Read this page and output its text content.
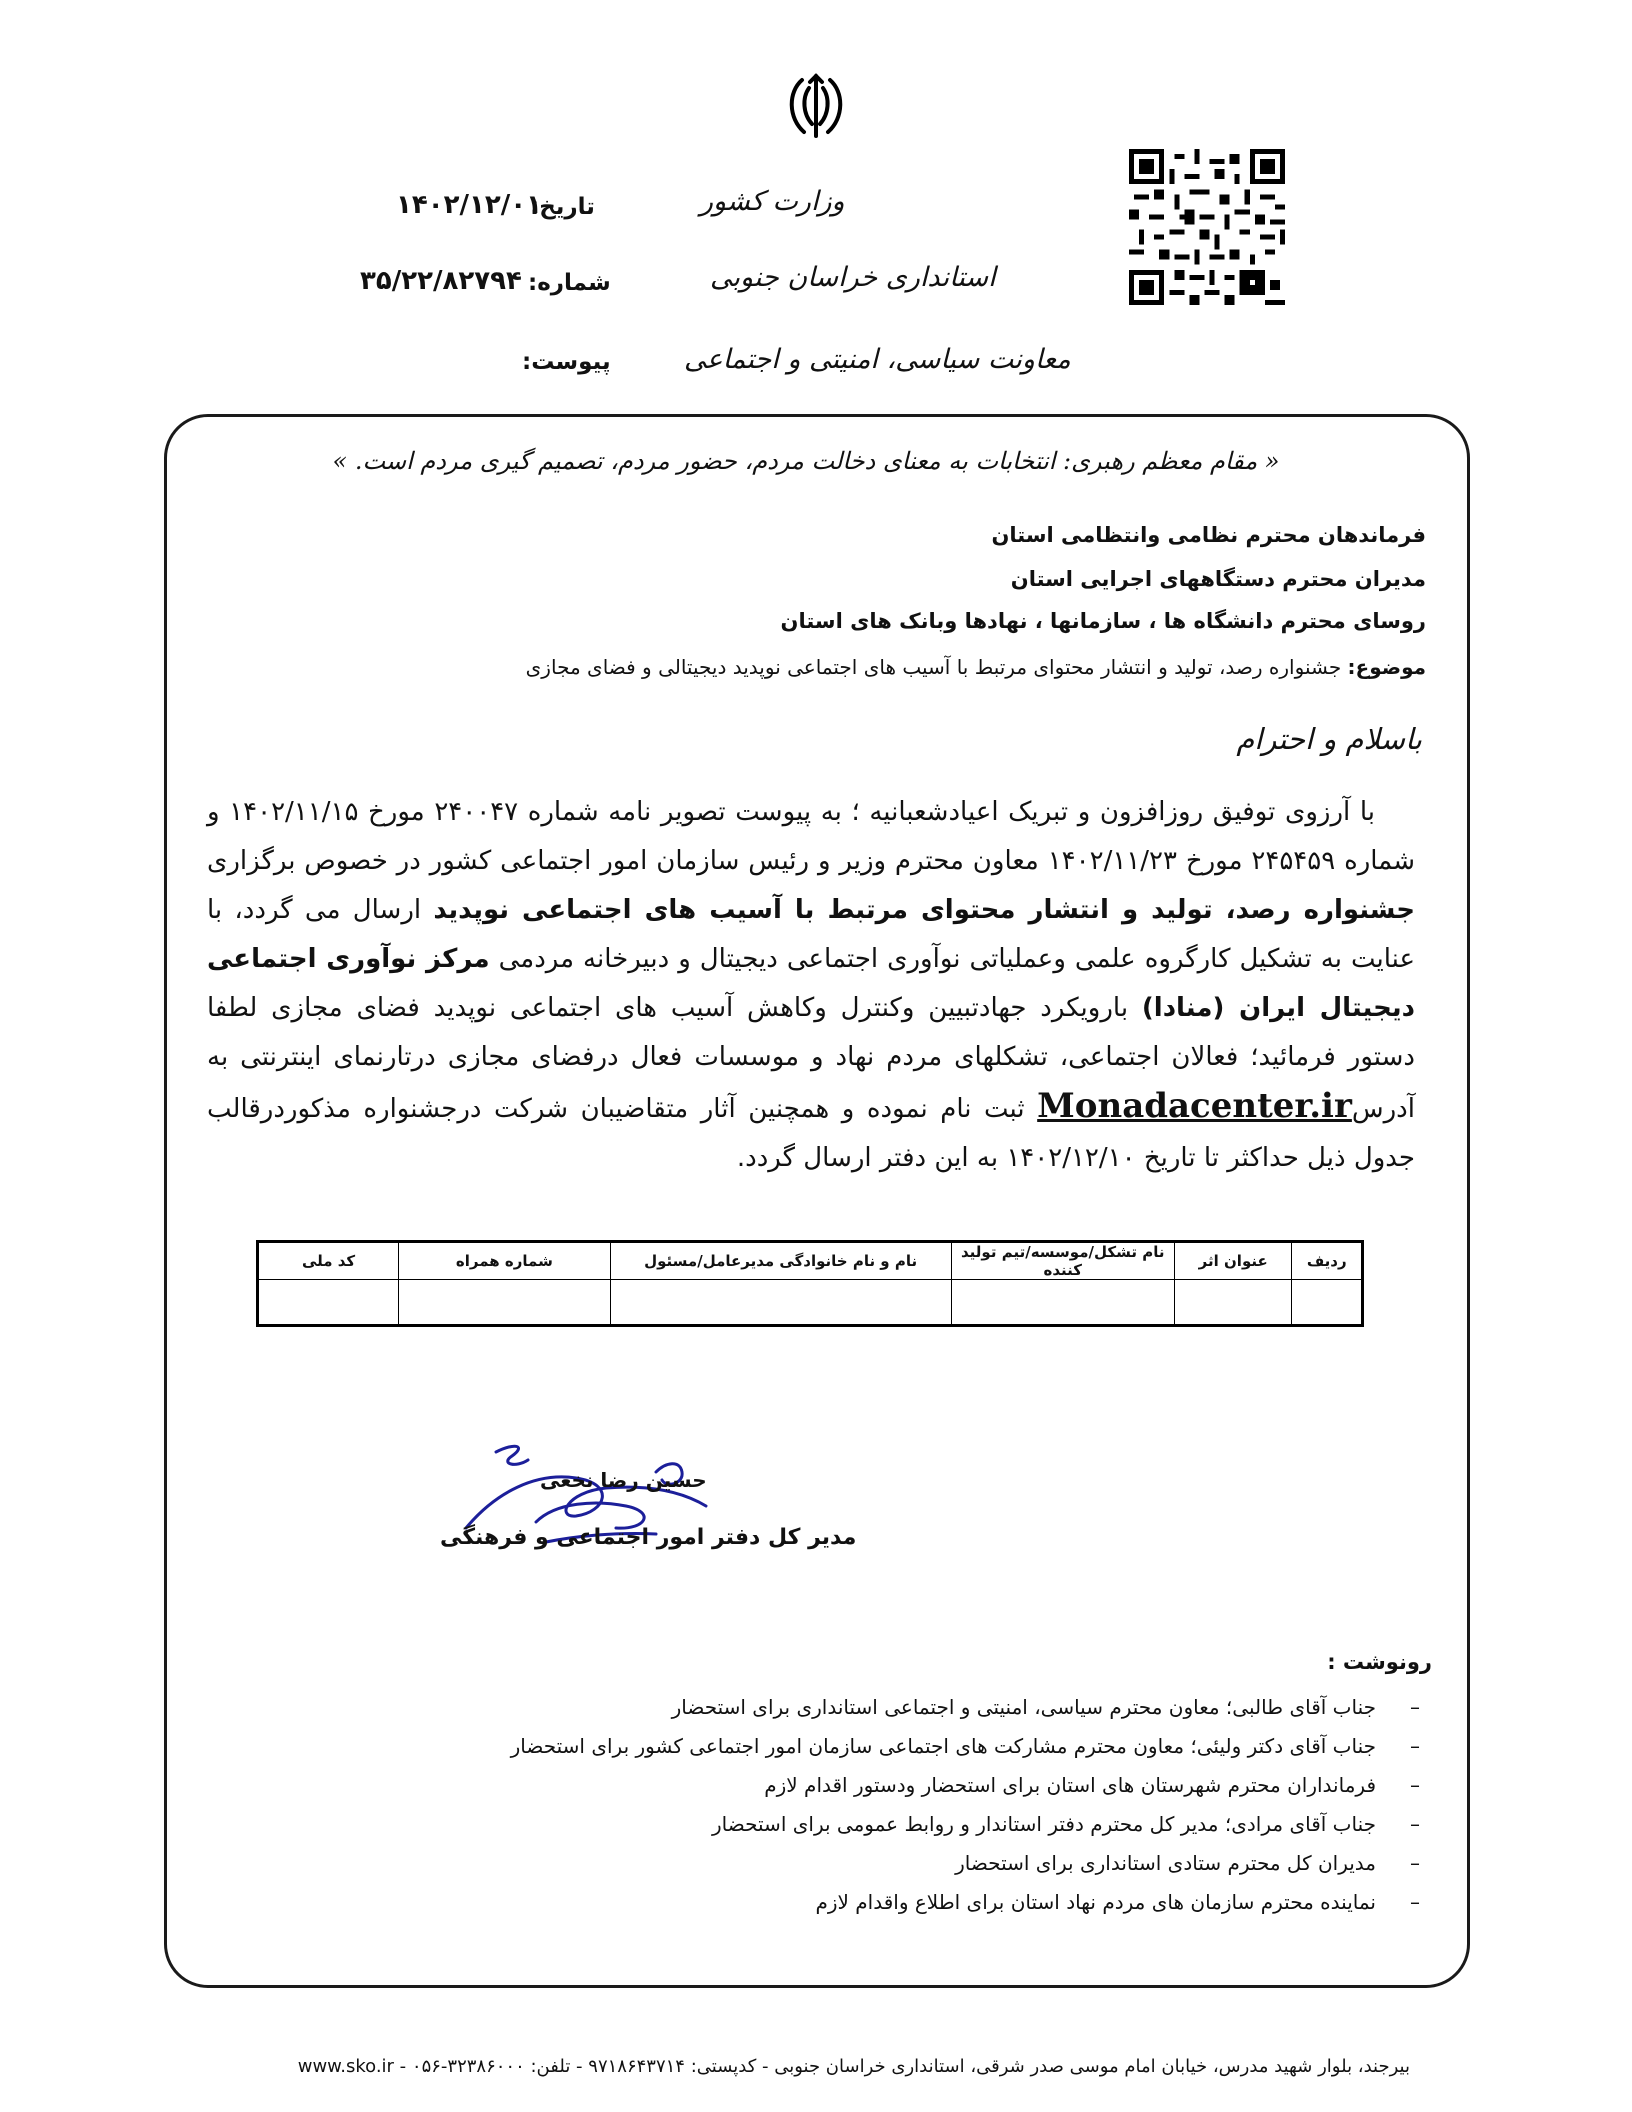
وزارت کشور
استانداری خراسان جنوبی
معاونت سیاسی، امنیتی و اجتماعی
تاریخ:
۱۴۰۲/۱۲/۰۱
شماره:
۳۵/۲۲/۸۲۷۹۴
پیوست:
« مقام معظم رهبری: انتخابات به معنای دخالت مردم، حضور مردم، تصمیم گیری مردم است. »
فرماندهان محترم نظامی وانتظامی استان
مدیران محترم دستگاههای اجرایی استان
روسای محترم دانشگاه ها ، سازمانها ، نهادها وبانک های استان
موضوع: جشنواره رصد، تولید و انتشار محتوای مرتبط با آسیب های اجتماعی نوپدید دیجیتالی و فضای مجازی
باسلام و احترام
با آرزوی توفیق روزافزون و تبریک اعیادشعبانیه ؛ به پیوست تصویر نامه شماره ۲۴۰۰۴۷ مورخ ۱۴۰۲/۱۱/۱۵ و شماره ۲۴۵۴۵۹ مورخ ۱۴۰۲/۱۱/۲۳ معاون محترم وزیر و رئیس سازمان امور اجتماعی کشور در خصوص برگزاری جشنواره رصد، تولید و انتشار محتوای مرتبط با آسیب های اجتماعی نوپدید ارسال می گردد، با عنایت به تشکیل کارگروه علمی وعملیاتی نوآوری اجتماعی دیجیتال و دبیرخانه مردمی مرکز نوآوری اجتماعی دیجیتال ایران (منادا) بارویکرد جهادتبیین وکنترل وکاهش آسیب های اجتماعی نوپدید فضای مجازی لطفا دستور فرمائید؛ فعالان اجتماعی، تشکلهای مردم نهاد و موسسات فعال درفضای مجازی درتارنمای اینترنتی به آدرسMonadacenter.ir ثبت نام نموده و همچنین آثار متقاضیبان شرکت درجشنواره مذکوردرقالب جدول ذیل حداکثر تا تاریخ ۱۴۰۲/۱۲/۱۰ به این دفتر ارسال گردد.
ردیف	عنوان اثر	نام تشکل/موسسه/تیم تولید کننده	نام و نام خانوادگی مدیرعامل/مسئول	شماره همراه	کد ملی

حسین رضا نخعی
مدیر کل دفتر امور اجتماعی و فرهنگی
رونوشت :
–جناب آقای طالبی؛ معاون محترم سیاسی، امنیتی و اجتماعی استانداری برای استحضار
–جناب آقای دکتر ولیئی؛ معاون محترم مشارکت های اجتماعی سازمان امور اجتماعی کشور برای استحضار
–فرمانداران محترم شهرستان های استان برای استحضار ودستور اقدام لازم
–جناب آقای مرادی؛ مدیر کل محترم دفتر استاندار و روابط عمومی برای استحضار
–مدیران کل محترم ستادی استانداری برای استحضار
–نماینده محترم سازمان های مردم نهاد استان برای اطلاع واقدام لازم
بیرجند، بلوار شهید مدرس، خیابان امام موسی صدر شرقی، استانداری خراسان جنوبی - کدپستی: ۹۷۱۸۶۴۳۷۱۴ - تلفن: ۳۲۳۸۶۰۰۰-۰۵۶ - www.sko.ir
